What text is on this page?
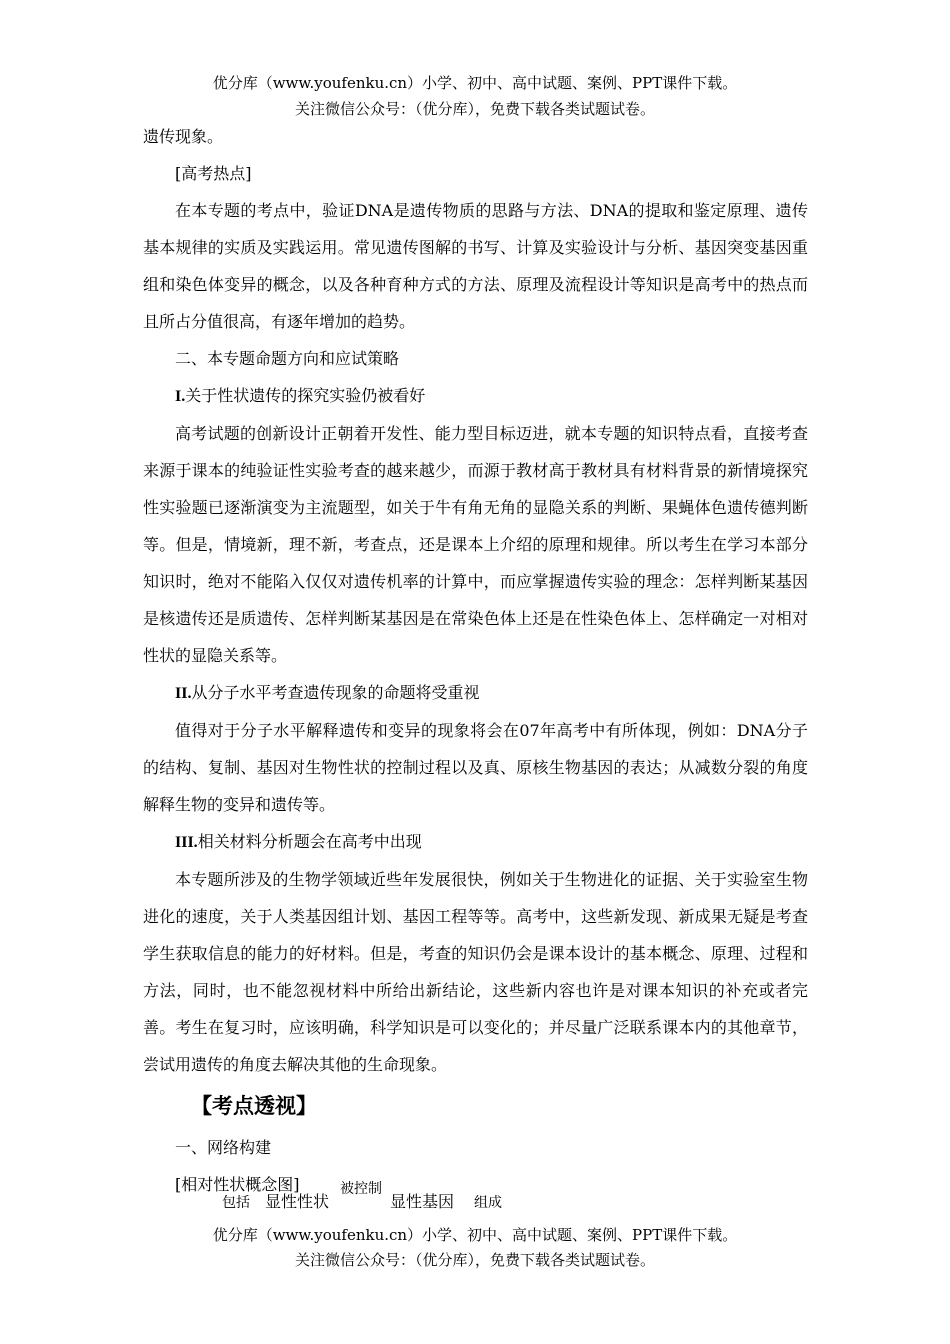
优分库（www.youfenku.cn）小学、初中、高中试题、案例、PPT课件下载。
关注微信公众号：（优分库），免费下载各类试题试卷。

遗传现象。

[高考热点]

在本专题的考点中，验证DNA是遗传物质的思路与方法、DNA的提取和鉴定原理、遗传基本规律的实质及实践运用。常见遗传图解的书写、计算及实验设计与分析、基因突变基因重组和染色体变异的概念，以及各种育种方式的方法、原理及流程设计等知识是高考中的热点而且所占分值很高，有逐年增加的趋势。

二、本专题命题方向和应试策略

I.关于性状遗传的探究实验仍被看好

高考试题的创新设计正朝着开发性、能力型目标迈进，就本专题的知识特点看，直接考查来源于课本的纯验证性实验考查的越来越少，而源于教材高于教材具有材料背景的新情境探究性实验题已逐渐演变为主流题型，如关于牛有角无角的显隐关系的判断、果蝇体色遗传德判断等。但是，情境新，理不新，考查点，还是课本上介绍的原理和规律。所以考生在学习本部分知识时，绝对不能陷入仅仅对遗传机率的计算中，而应掌握遗传实验的理念：怎样判断某基因是核遗传还是质遗传、怎样判断某基因是在常染色体上还是在性染色体上、怎样确定一对相对性状的显隐关系等。

II.从分子水平考查遗传现象的命题将受重视

值得对于分子水平解释遗传和变异的现象将会在07年高考中有所体现，例如：DNA分子的结构、复制、基因对生物性状的控制过程以及真、原核生物基因的表达；从减数分裂的角度解释生物的变异和遗传等。

III.相关材料分析题会在高考中出现

本专题所涉及的生物学领域近些年发展很快，例如关于生物进化的证据、关于实验室生物进化的速度，关于人类基因组计划、基因工程等等。高考中，这些新发现、新成果无疑是考查学生获取信息的能力的好材料。但是，考查的知识仍会是课本设计的基本概念、原理、过程和方法，同时，也不能忽视材料中所给出新结论，这些新内容也许是对课本知识的补充或者完善。考生在复习时，应该明确，科学知识是可以变化的；并尽量广泛联系课本内的其他章节，尝试用遗传的角度去解决其他的生命现象。

【考点透视】

一、网络构建

[相对性状概念图]

包括 显性性状
被控制
显性基因 组成
优分库（www.youfenku.cn）小学、初中、高中试题、案例、PPT课件下载。
关注微信公众号：（优分库），免费下载各类试题试卷。
